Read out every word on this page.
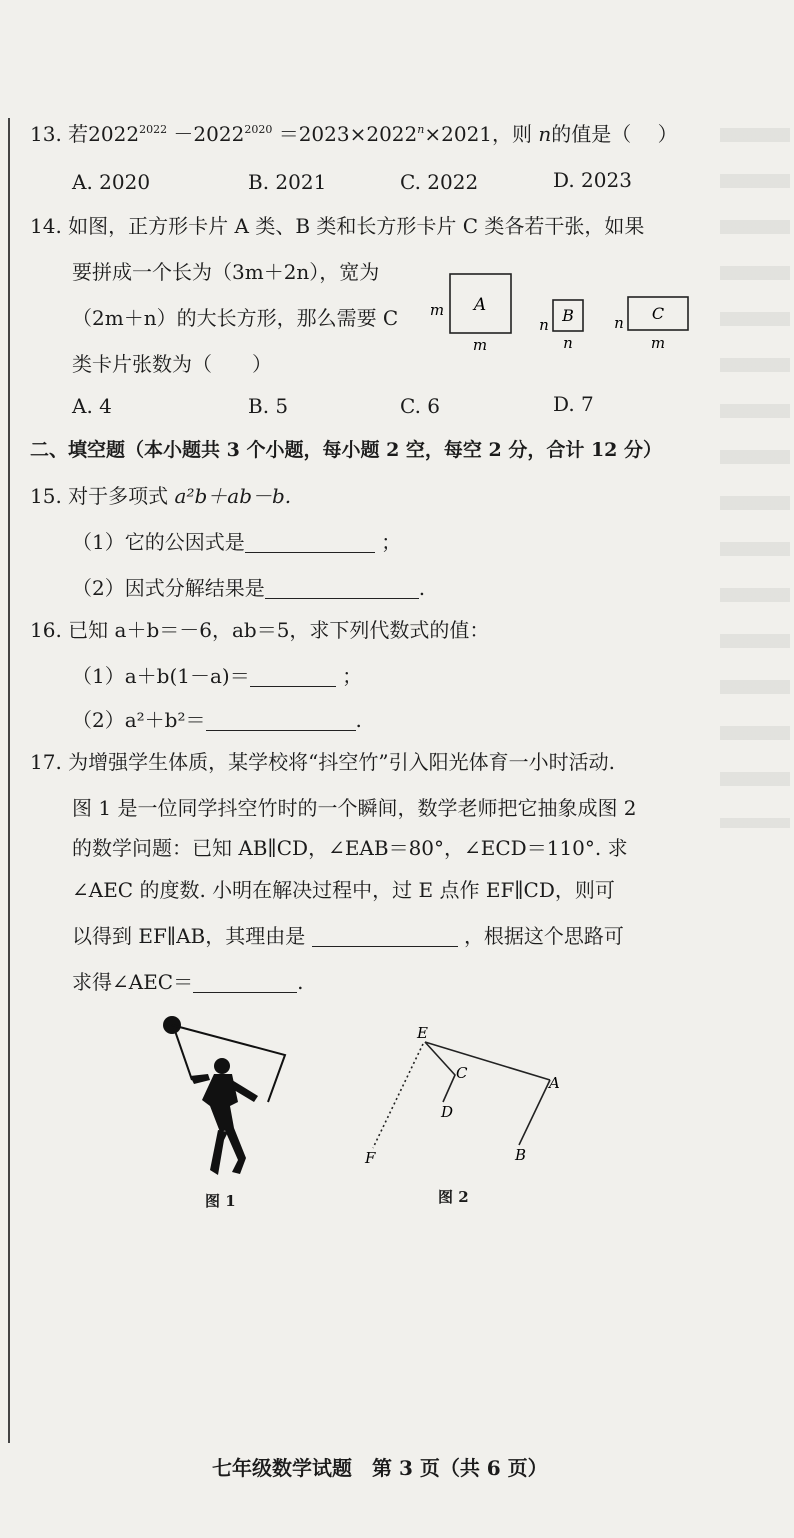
13. 若$2022^{2022} -2022^{2020} =2023\times 2022^n\times 2021$，则 n的值是（　 ）
A. 2020	B. 2021	C. 2022	D. 2023
14. 如图，正方形卡片 A 类、B 类和长方形卡片 C 类各若干张，如果
要拼成一个长为（3m＋2n），宽为
（2m＋n）的大长方形，那么需要 C
类卡片张数为（　　）
A
m
m
B
n
n
C
n
m
A. 4	B. 5	C. 6	D. 7
二、填空题（本小题共 3 个小题，每小题 2 空，每空 2 分，合计 12 分）
15. 对于多项式 a²b＋ab－b.
（1）它的公因式是	；
（2）因式分解结果是	.
16. 已知 a＋b＝－6，ab＝5，求下列代数式的值：
（1）a＋b(1－a)＝	；
（2）a²＋b²＝	.
17. 为增强学生体质，某学校将“抖空竹”引入阳光体育一小时活动.
图 1 是一位同学抖空竹时的一个瞬间，数学老师把它抽象成图 2
的数学问题：已知 AB∥CD，∠EAB＝80°，∠ECD＝110°. 求
∠AEC 的度数. 小明在解决过程中，过 E 点作 EF∥CD，则可
以得到 EF∥AB，其理由是	，根据这个思路可
求得∠AEC＝	.
图 1
E
C
D
A
B
F
图 2
七年级数学试题　第 3 页（共 6 页）
